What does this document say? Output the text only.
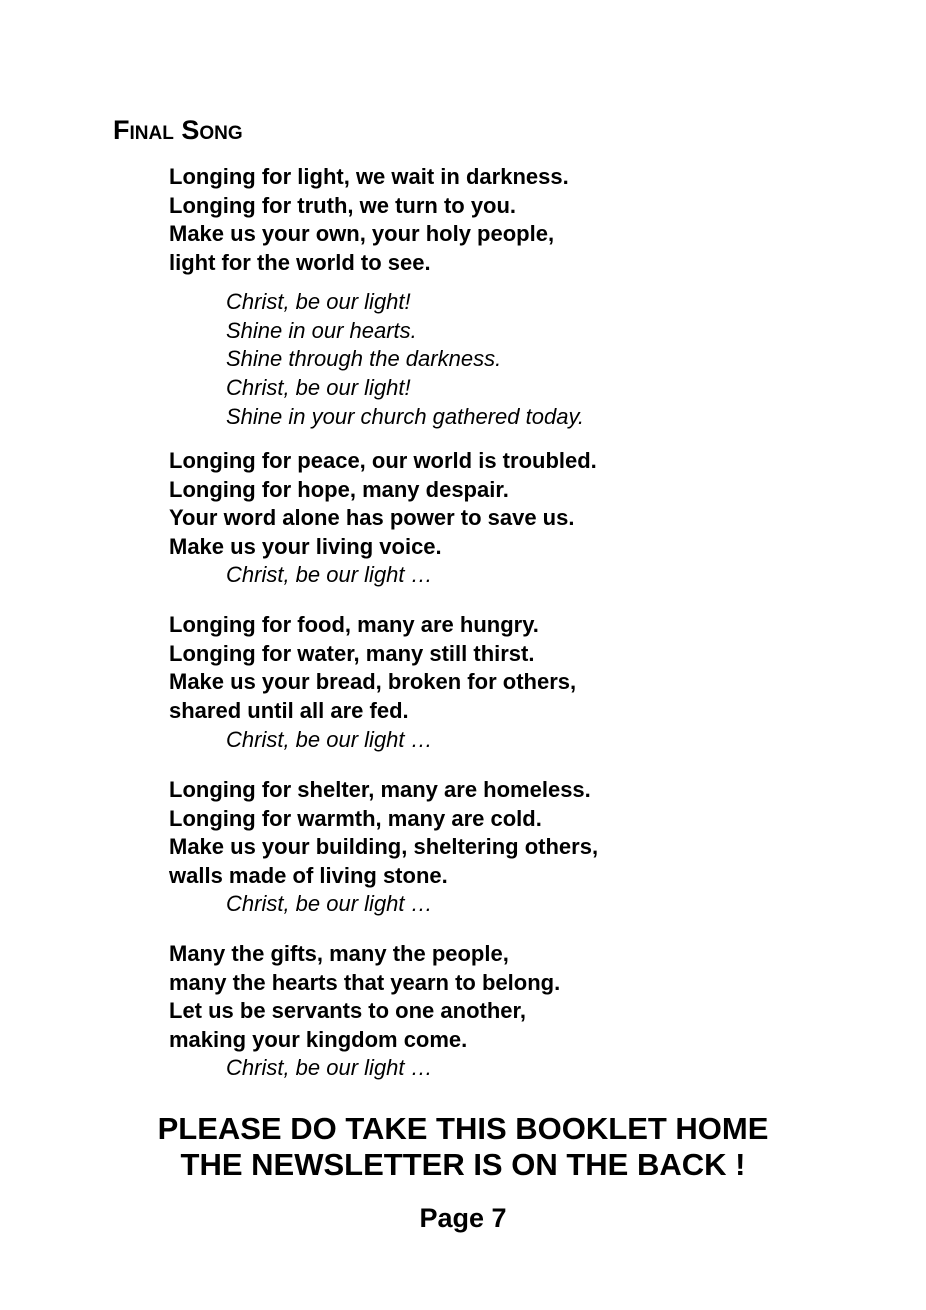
Final Song
Longing for light, we wait in darkness.
Longing for truth, we turn to you.
Make us your own, your holy people,
light for the world to see.
Christ, be our light!
Shine in our hearts.
Shine through the darkness.
Christ, be our light!
Shine in your church gathered today.
Longing for peace, our world is troubled.
Longing for hope, many despair.
Your word alone has power to save us.
Make us your living voice.
Christ, be our light …
Longing for food, many are hungry.
Longing for water, many still thirst.
Make us your bread, broken for others,
shared until all are fed.
Christ, be our light …
Longing for shelter, many are homeless.
Longing for warmth, many are cold.
Make us your building, sheltering others,
walls made of living stone.
Christ, be our light …
Many the gifts, many the people,
many the hearts that yearn to belong.
Let us be servants to one another,
making your kingdom come.
Christ, be our light …

PLEASE DO TAKE THIS BOOKLET HOME

THE NEWSLETTER IS ON THE BACK !

Page 7
